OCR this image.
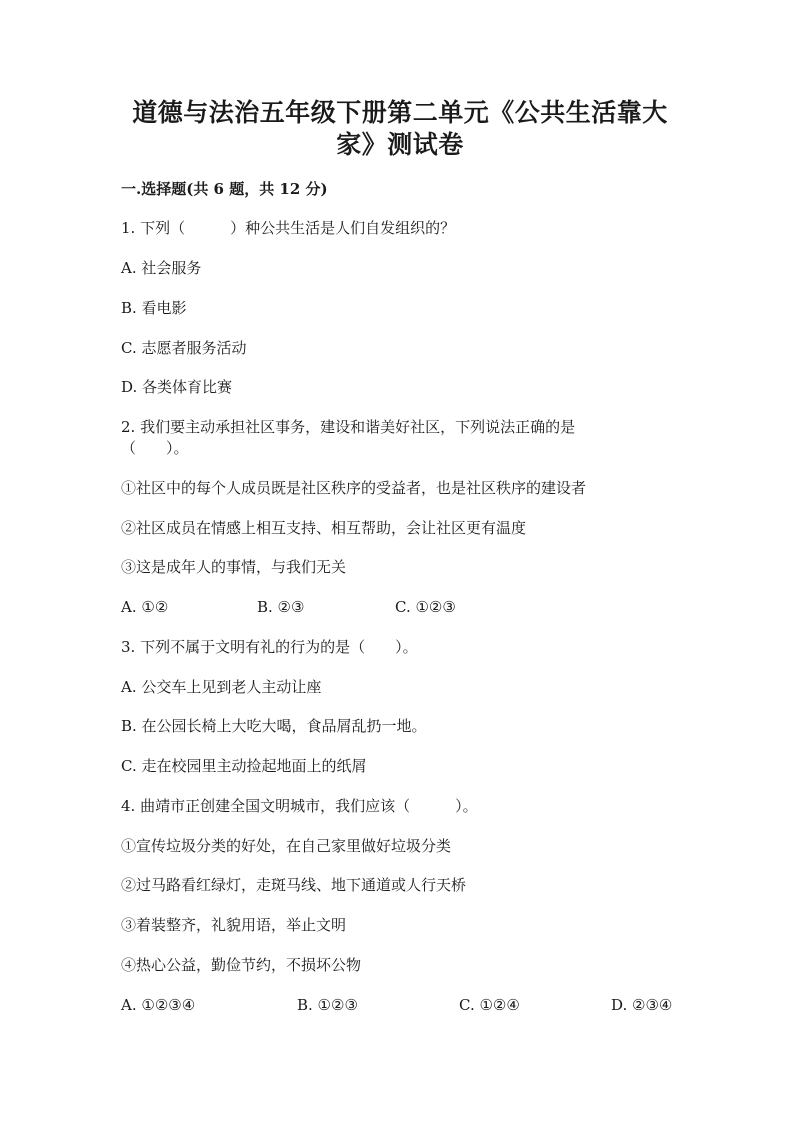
道德与法治五年级下册第二单元《公共生活靠大
家》测试卷
一.选择题(共 6 题，共 12 分)

1. 下列（　　　）种公共生活是人们自发组织的？

A. 社会服务

B. 看电影

C. 志愿者服务活动

D. 各类体育比赛

2. 我们要主动承担社区事务，建设和谐美好社区，下列说法正确的是

（　　）。

①社区中的每个人成员既是社区秩序的受益者，也是社区秩序的建设者

②社区成员在情感上相互支持、相互帮助，会让社区更有温度

③这是成年人的事情，与我们无关

A. ①②	B. ②③	C. ①②③

3. 下列不属于文明有礼的行为的是（　　）。

A. 公交车上见到老人主动让座

B. 在公园长椅上大吃大喝，食品屑乱扔一地。

C. 走在校园里主动捡起地面上的纸屑

4. 曲靖市正创建全国文明城市，我们应该（　　　）。

①宣传垃圾分类的好处，在自己家里做好垃圾分类

②过马路看红绿灯，走斑马线、地下通道或人行天桥

③着装整齐，礼貌用语，举止文明

④热心公益，勤俭节约，不损坏公物

A. ①②③④	B. ①②③	C. ①②④	D. ②③④
